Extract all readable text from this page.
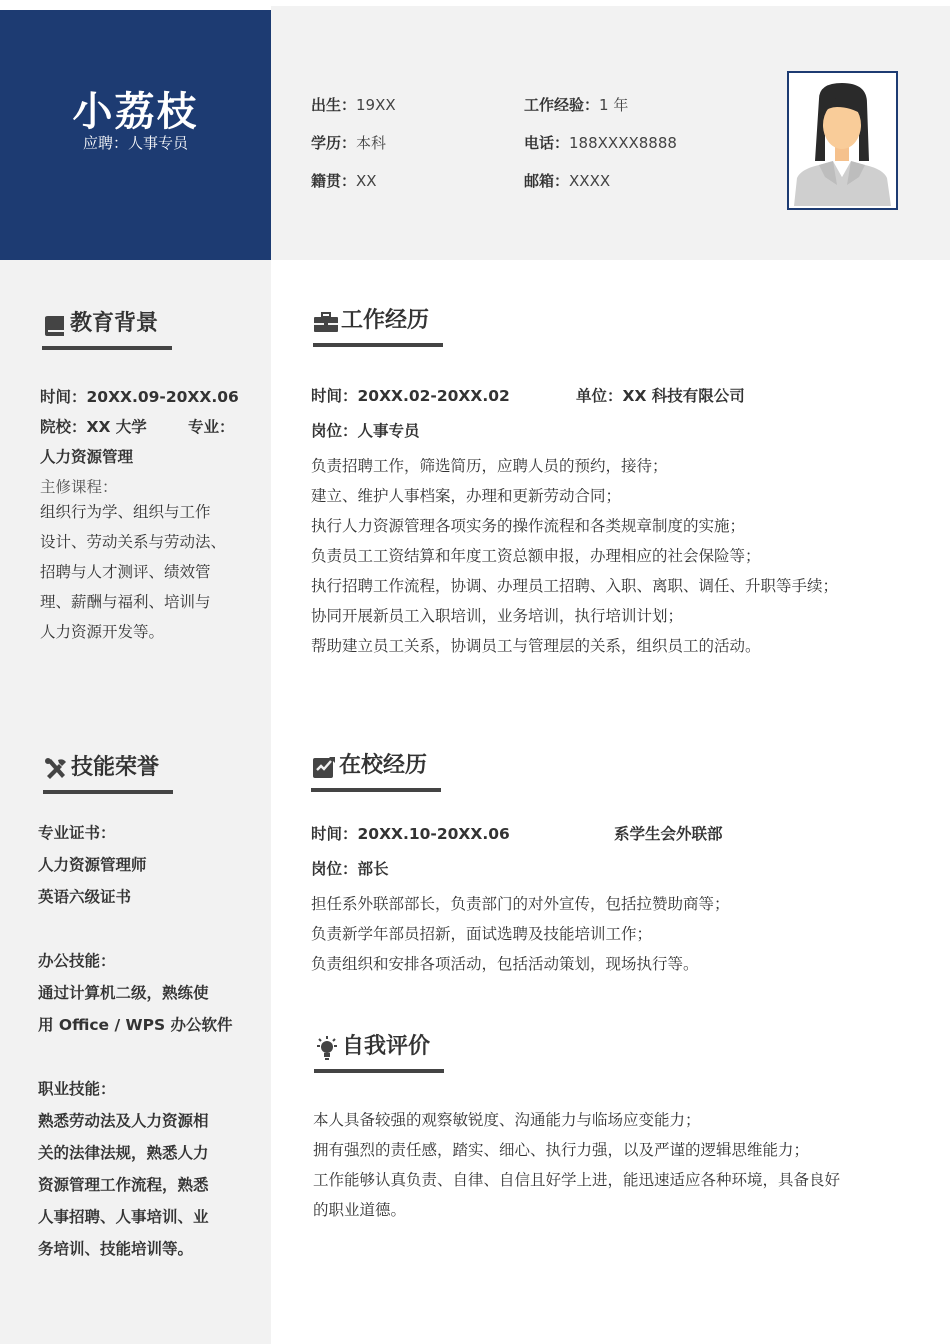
小荔枝
应聘：人事专员
出生：19XX	工作经验：1 年
学历：本科	电话：188XXXX8888
籍贯：XX	邮箱：XXXX
教育背景
时间：20XX.09-20XX.06
院校：XX 大学	专业：
人力资源管理
主修课程：
组织行为学、组织与工作
设计、劳动关系与劳动法、
招聘与人才测评、绩效管
理、薪酬与福利、培训与
人力资源开发等。
技能荣誉
专业证书：
人力资源管理师
英语六级证书
办公技能：
通过计算机二级，熟练使
用 Office / WPS 办公软件
职业技能：
熟悉劳动法及人力资源相
关的法律法规，熟悉人力
资源管理工作流程，熟悉
人事招聘、人事培训、业
务培训、技能培训等。
工作经历
时间：20XX.02-20XX.02	单位：XX 科技有限公司
岗位：人事专员
负责招聘工作，筛选简历，应聘人员的预约，接待；
建立、维护人事档案，办理和更新劳动合同；
执行人力资源管理各项实务的操作流程和各类规章制度的实施；
负责员工工资结算和年度工资总额申报，办理相应的社会保险等；
执行招聘工作流程，协调、办理员工招聘、入职、离职、调任、升职等手续；
协同开展新员工入职培训，业务培训，执行培训计划；
帮助建立员工关系，协调员工与管理层的关系，组织员工的活动。
在校经历
时间：20XX.10-20XX.06	系学生会外联部
岗位：部长
担任系外联部部长，负责部门的对外宣传，包括拉赞助商等；
负责新学年部员招新，面试选聘及技能培训工作；
负责组织和安排各项活动，包括活动策划，现场执行等。
自我评价
本人具备较强的观察敏锐度、沟通能力与临场应变能力；
拥有强烈的责任感，踏实、细心、执行力强，以及严谨的逻辑思维能力；
工作能够认真负责、自律、自信且好学上进，能迅速适应各种环境，具备良好
的职业道德。
